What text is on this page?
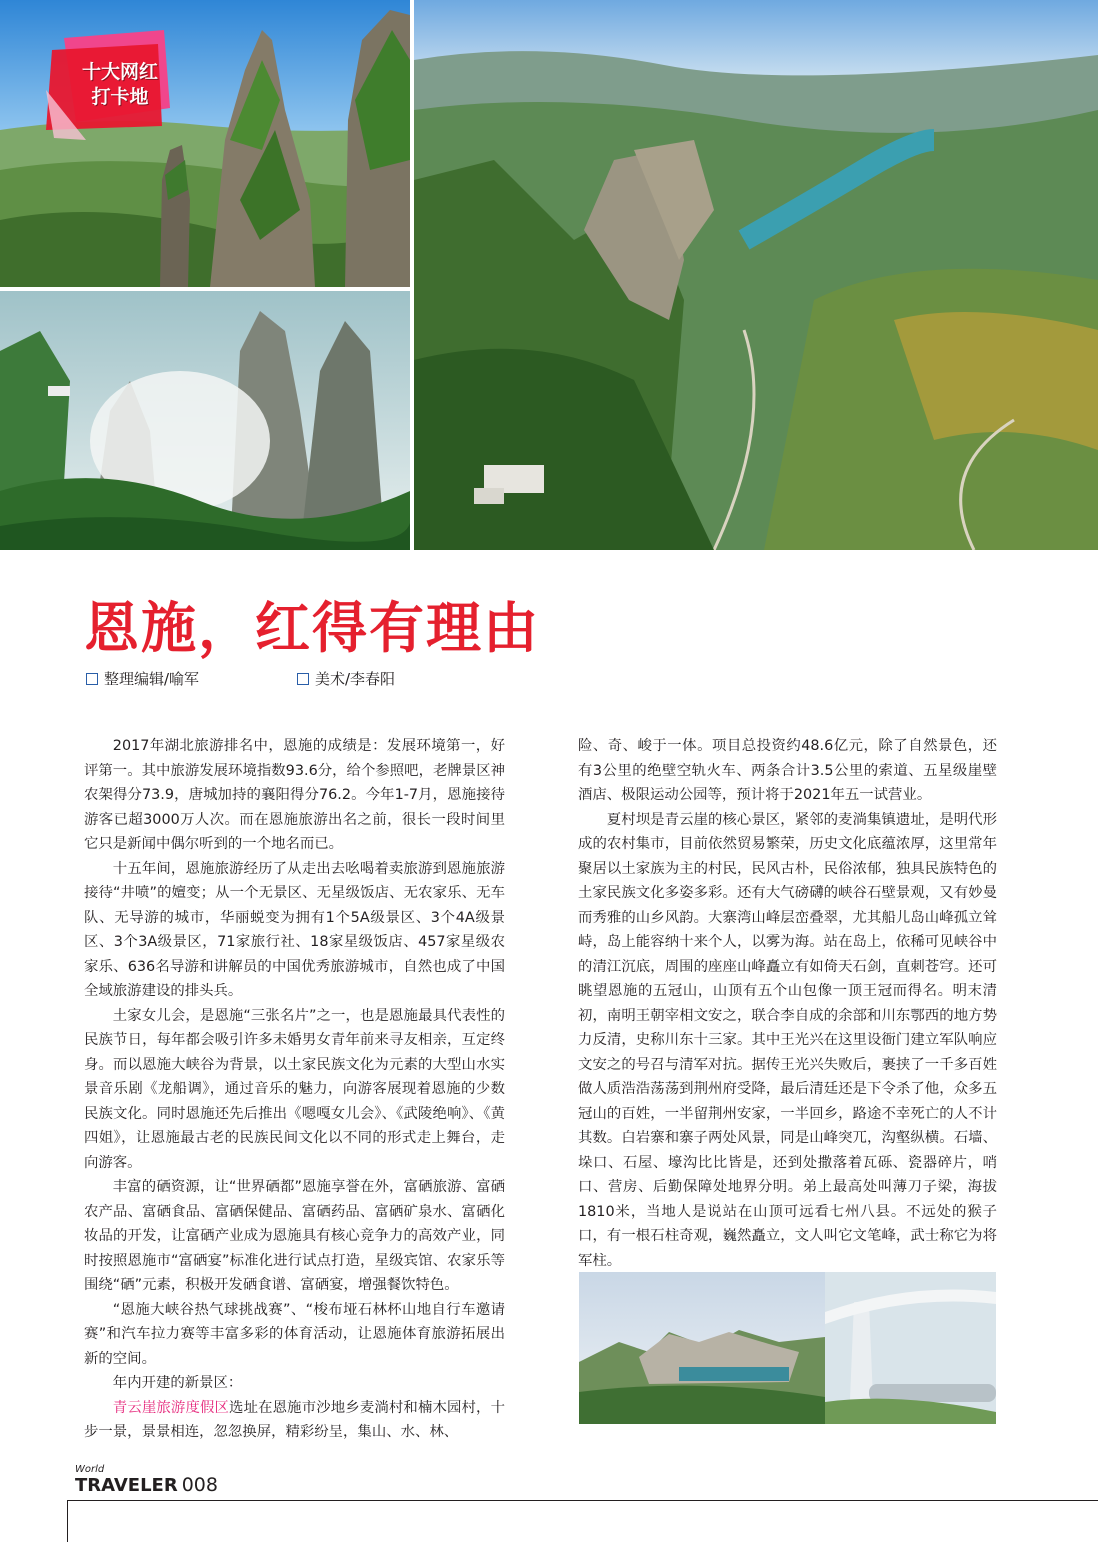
十大网红
打卡地
恩施，红得有理由
整理编辑/喻军	美术/李春阳

2017年湖北旅游排名中，恩施的成绩是：发展环境第一，好评第一。其中旅游发展环境指数93.6分，给个参照吧，老牌景区神农架得分73.9，唐城加持的襄阳得分76.2。今年1-7月，恩施接待游客已超3000万人次。而在恩施旅游出名之前，很长一段时间里它只是新闻中偶尔听到的一个地名而已。

十五年间，恩施旅游经历了从走出去吆喝着卖旅游到恩施旅游接待“井喷”的嬗变；从一个无景区、无星级饭店、无农家乐、无车队、无导游的城市，华丽蜕变为拥有1个5A级景区、3个4A级景区、3个3A级景区，71家旅行社、18家星级饭店、457家星级农家乐、636名导游和讲解员的中国优秀旅游城市，自然也成了中国全域旅游建设的排头兵。

土家女儿会，是恩施“三张名片”之一，也是恩施最具代表性的民族节日，每年都会吸引许多未婚男女青年前来寻友相亲，互定终身。而以恩施大峡谷为背景，以土家民族文化为元素的大型山水实景音乐剧《龙船调》，通过音乐的魅力，向游客展现着恩施的少数民族文化。同时恩施还先后推出《嗯嘎女儿会》、《武陵绝响》、《黄四姐》，让恩施最古老的民族民间文化以不同的形式走上舞台，走向游客。

丰富的硒资源，让“世界硒都”恩施享誉在外，富硒旅游、富硒农产品、富硒食品、富硒保健品、富硒药品、富硒矿泉水、富硒化妆品的开发，让富硒产业成为恩施具有核心竞争力的高效产业，同时按照恩施市“富硒宴”标准化进行试点打造，星级宾馆、农家乐等围绕“硒”元素，积极开发硒食谱、富硒宴，增强餐饮特色。

“恩施大峡谷热气球挑战赛”、“梭布垭石林杯山地自行车邀请赛”和汽车拉力赛等丰富多彩的体育活动，让恩施体育旅游拓展出新的空间。

年内开建的新景区：

青云崖旅游度假区选址在恩施市沙地乡麦淌村和楠木园村，十步一景，景景相连，忽忽换屏，精彩纷呈，集山、水、林、

险、奇、峻于一体。项目总投资约48.6亿元，除了自然景色，还有3公里的绝壁空轨火车、两条合计3.5公里的索道、五星级崖壁酒店、极限运动公园等，预计将于2021年五一试营业。

夏村坝是青云崖的核心景区，紧邻的麦淌集镇遗址，是明代形成的农村集市，目前依然贸易繁荣，历史文化底蕴浓厚，这里常年聚居以土家族为主的村民，民风古朴，民俗浓郁，独具民族特色的土家民族文化多姿多彩。还有大气磅礴的峡谷石壁景观，又有妙曼而秀雅的山乡风韵。大寨湾山峰层峦叠翠，尤其船儿岛山峰孤立耸峙，岛上能容纳十来个人，以雾为海。站在岛上，依稀可见峡谷中的清江沉底，周围的座座山峰矗立有如倚天石剑，直刺苍穹。还可眺望恩施的五冠山，山顶有五个山包像一顶王冠而得名。明末清初，南明王朝宰相文安之，联合李自成的余部和川东鄂西的地方势力反清，史称川东十三家。其中王光兴在这里设衙门建立军队响应文安之的号召与清军对抗。据传王光兴失败后，裹挟了一千多百姓做人质浩浩荡荡到荆州府受降，最后清廷还是下令杀了他，众多五冠山的百姓，一半留荆州安家，一半回乡，路途不幸死亡的人不计其数。白岩寨和寨子两处风景，同是山峰突兀，沟壑纵横。石墙、垛口、石屋、壕沟比比皆是，还到处撒落着瓦砾、瓷器碎片，哨口、营房、后勤保障处地界分明。弟上最高处叫薄刀子梁，海拔1810米，当地人是说站在山顶可远看七州八县。不远处的猴子口，有一根石柱奇观，巍然矗立，文人叫它文笔峰，武士称它为将军柱。

World
TRAVELER 008
